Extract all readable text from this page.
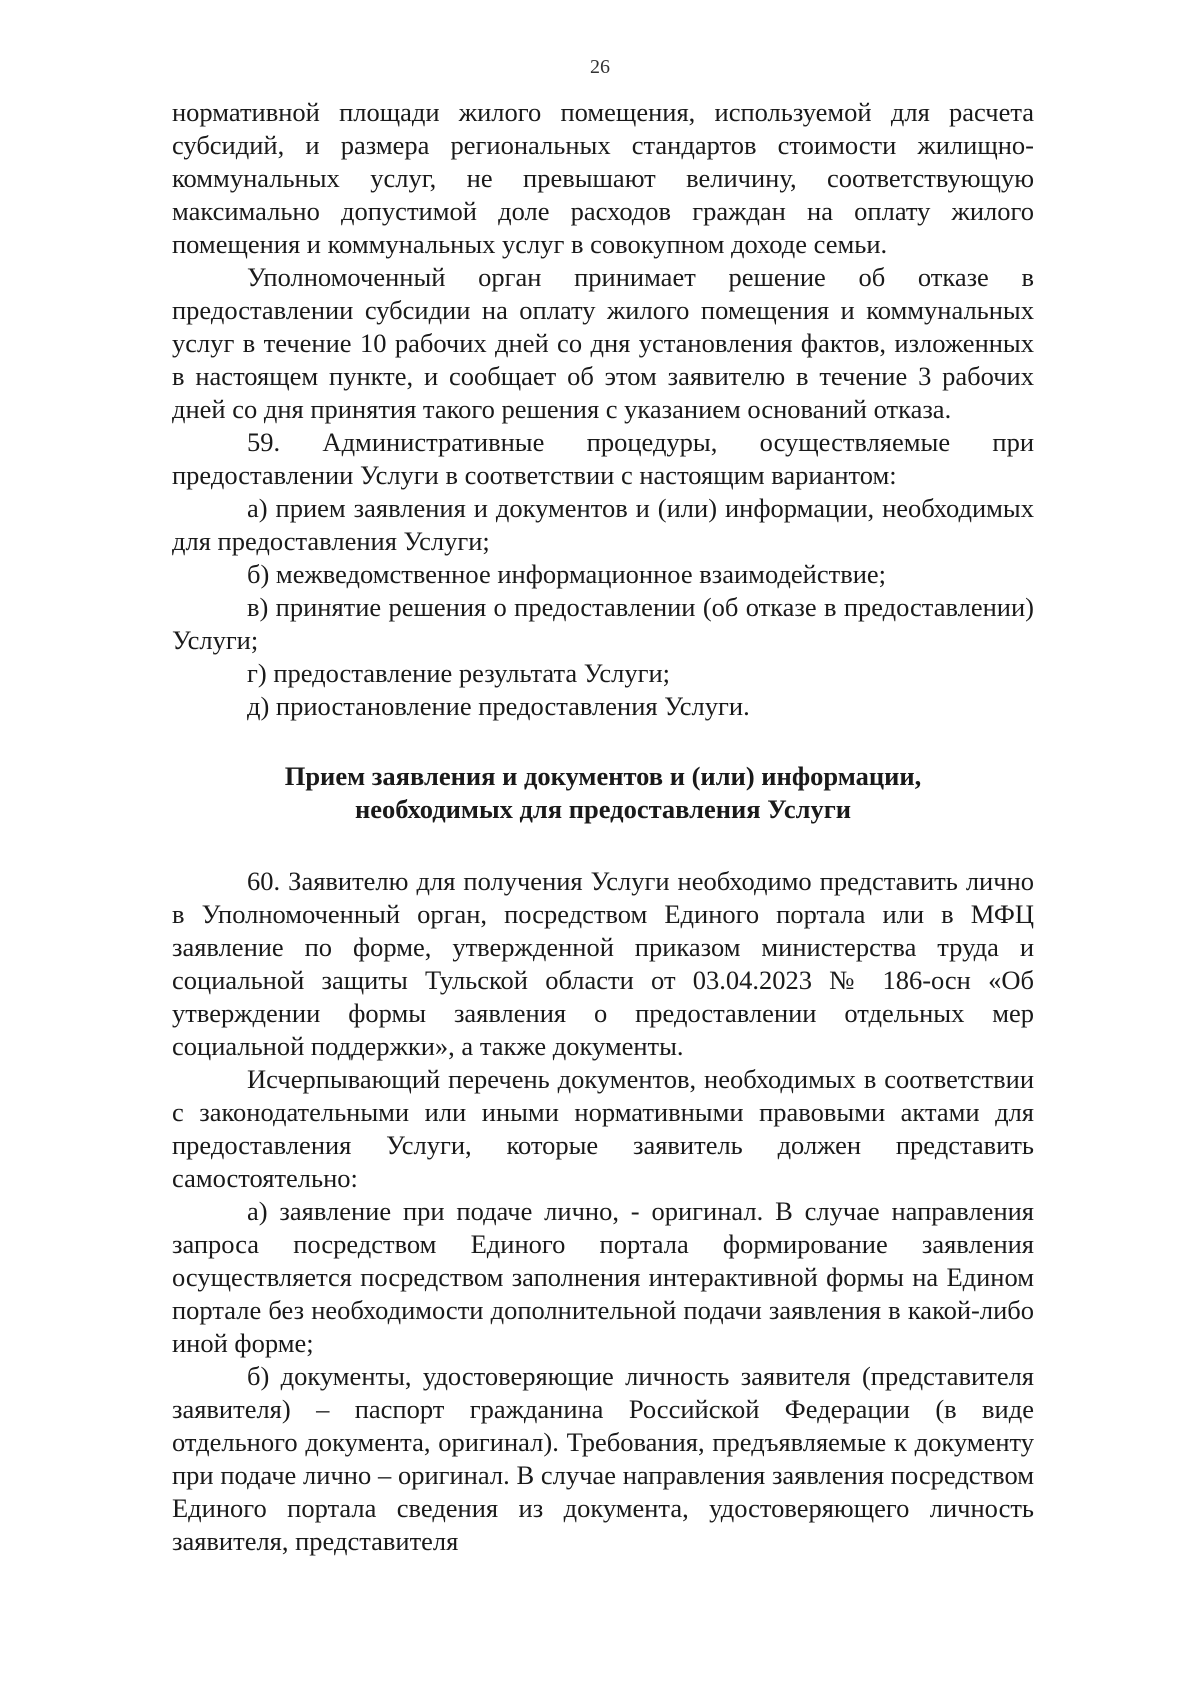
26

нормативной площади жилого помещения, используемой для расчета субсидий, и размера региональных стандартов стоимости жилищно-коммунальных услуг, не превышают величину, соответствующую максимально допустимой доле расходов граждан на оплату жилого помещения и коммунальных услуг в совокупном доходе семьи.

Уполномоченный орган принимает решение об отказе в предоставлении субсидии на оплату жилого помещения и коммунальных услуг в течение 10 рабочих дней со дня установления фактов, изложенных в настоящем пункте, и сообщает об этом заявителю в течение 3 рабочих дней со дня принятия такого решения с указанием оснований отказа.

59. Административные процедуры, осуществляемые при предоставлении Услуги в соответствии с настоящим вариантом:

а) прием заявления и документов и (или) информации, необходимых для предоставления Услуги;

б) межведомственное информационное взаимодействие;

в) принятие решения о предоставлении (об отказе в предоставлении) Услуги;

г) предоставление результата Услуги;

д) приостановление предоставления Услуги.

Прием заявления и документов и (или) информации,
необходимых для предоставления Услуги

60. Заявителю для получения Услуги необходимо представить лично в Уполномоченный орган, посредством Единого портала или в МФЦ заявление по форме, утвержденной приказом министерства труда и социальной защиты Тульской области от 03.04.2023 № 186-осн «Об утверждении формы заявления о предоставлении отдельных мер социальной поддержки», а также документы.

Исчерпывающий перечень документов, необходимых в соответствии с законодательными или иными нормативными правовыми актами для предоставления Услуги, которые заявитель должен представить самостоятельно:

а) заявление при подаче лично, - оригинал. В случае направления запроса посредством Единого портала формирование заявления осуществляется посредством заполнения интерактивной формы на Едином портале без необходимости дополнительной подачи заявления в какой-либо иной форме;

б) документы, удостоверяющие личность заявителя (представителя заявителя) – паспорт гражданина Российской Федерации (в виде отдельного документа, оригинал). Требования, предъявляемые к документу при подаче лично – оригинал. В случае направления заявления посредством Единого портала сведения из документа, удостоверяющего личность заявителя, представителя
